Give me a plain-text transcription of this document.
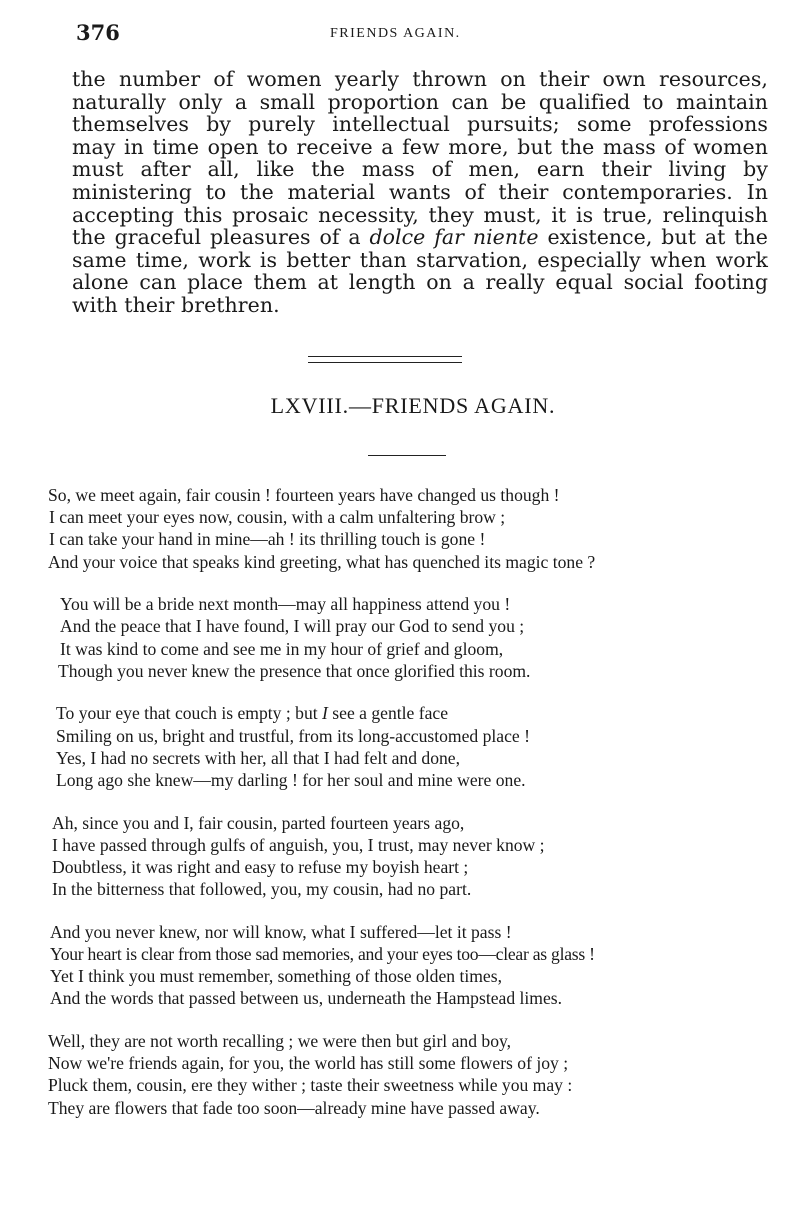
376	FRIENDS AGAIN.
the number of women yearly thrown on their own resources,
naturally only a small proportion can be qualified to maintain
themselves by purely intellectual pursuits; some professions
may in time open to receive a few more, but the mass of women
must after all, like the mass of men, earn their living by
ministering to the material wants of their contemporaries. In
accepting this prosaic necessity, they must, it is true, relinquish
the graceful pleasures of a dolce far niente existence, but at the
same time, work is better than starvation, especially when work
alone can place them at length on a really equal social footing
with their brethren.
LXVIII.—FRIENDS AGAIN.
So, we meet again, fair cousin ! fourteen years have changed us though !
I can meet your eyes now, cousin, with a calm unfaltering brow ;
I can take your hand in mine—ah ! its thrilling touch is gone !
And your voice that speaks kind greeting, what has quenched its magic tone ?
You will be a bride next month—may all happiness attend you !
And the peace that I have found, I will pray our God to send you ;
It was kind to come and see me in my hour of grief and gloom,
Though you never knew the presence that once glorified this room.
To your eye that couch is empty ; but I see a gentle face
Smiling on us, bright and trustful, from its long-accustomed place !
Yes, I had no secrets with her, all that I had felt and done,
Long ago she knew—my darling ! for her soul and mine were one.
Ah, since you and I, fair cousin, parted fourteen years ago,
I have passed through gulfs of anguish, you, I trust, may never know ;
Doubtless, it was right and easy to refuse my boyish heart ;
In the bitterness that followed, you, my cousin, had no part.
And you never knew, nor will know, what I suffered—let it pass !
Your heart is clear from those sad memories, and your eyes too—clear as glass !
Yet I think you must remember, something of those olden times,
And the words that passed between us, underneath the Hampstead limes.
Well, they are not worth recalling ; we were then but girl and boy,
Now we're friends again, for you, the world has still some flowers of joy ;
Pluck them, cousin, ere they wither ; taste their sweetness while you may :
They are flowers that fade too soon—already mine have passed away.
